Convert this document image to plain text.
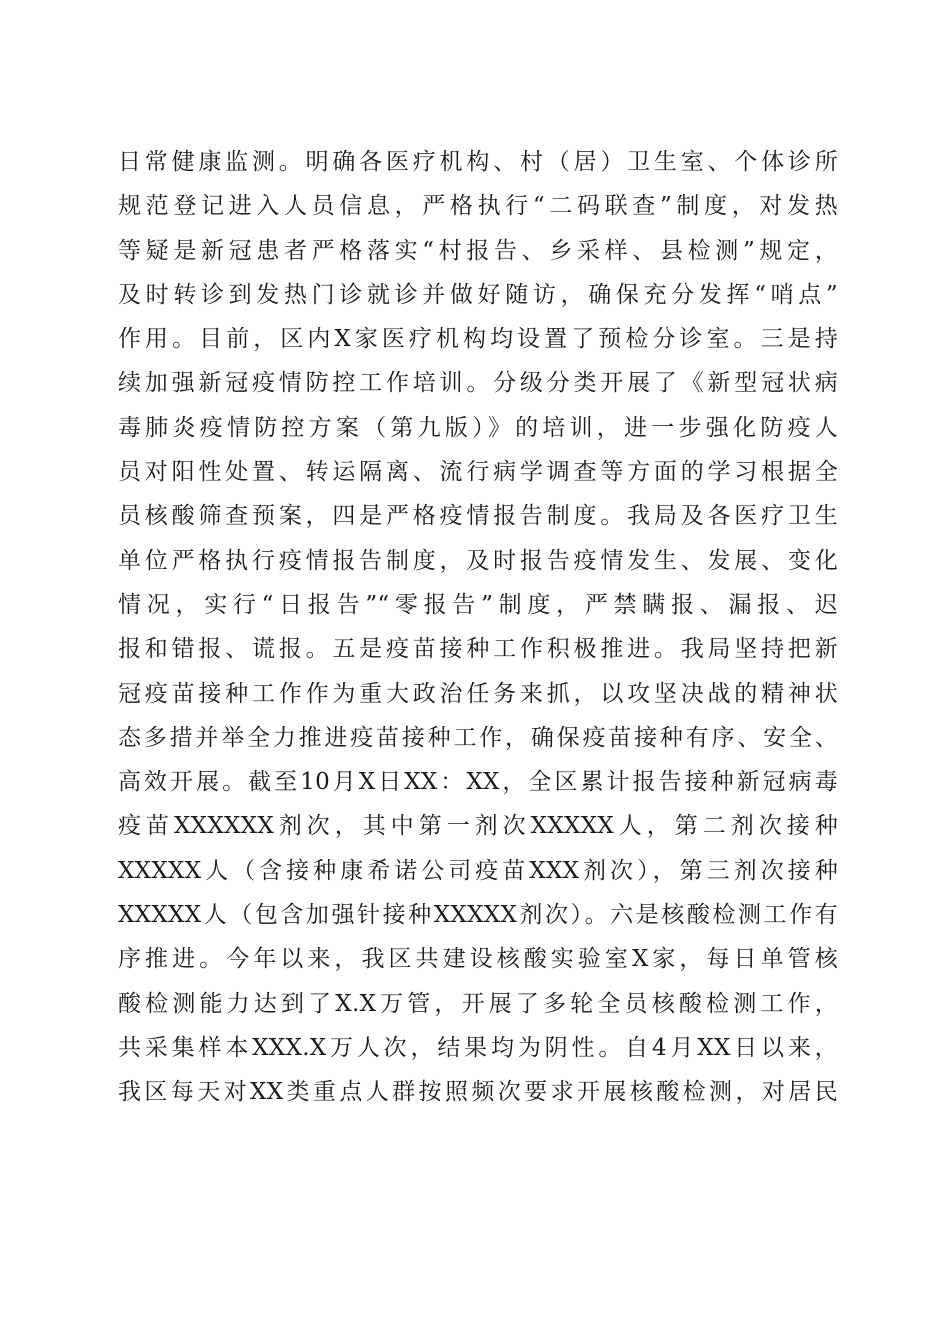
日常健康监测。明确各医疗机构、村（居）卫生室、个体诊所
规范登记进入人员信息，严格执行“二码联查”制度，对发热
等疑是新冠患者严格落实“村报告、乡采样、县检测”规定，
及时转诊到发热门诊就诊并做好随访，确保充分发挥“哨点”
作用。目前，区内X家医疗机构均设置了预检分诊室。三是持
续加强新冠疫情防控工作培训。分级分类开展了《新型冠状病
毒肺炎疫情防控方案（第九版）》的培训，进一步强化防疫人
员对阳性处置、转运隔离、流行病学调查等方面的学习根据全
员核酸筛查预案，四是严格疫情报告制度。我局及各医疗卫生
单位严格执行疫情报告制度，及时报告疫情发生、发展、变化
情况，实行“日报告”“零报告”制度，严禁瞒报、漏报、迟
报和错报、谎报。五是疫苗接种工作积极推进。我局坚持把新
冠疫苗接种工作作为重大政治任务来抓，以攻坚决战的精神状
态多措并举全力推进疫苗接种工作，确保疫苗接种有序、安全、
高效开展。截至10月X日XX：XX，全区累计报告接种新冠病毒
疫苗XXXXXX剂次，其中第一剂次XXXXX人，第二剂次接种
XXXXX人（含接种康希诺公司疫苗XXX剂次），第三剂次接种
XXXXX人（包含加强针接种XXXXX剂次）。六是核酸检测工作有
序推进。今年以来，我区共建设核酸实验室X家，每日单管核
酸检测能力达到了X.X万管，开展了多轮全员核酸检测工作，
共采集样本XXX.X万人次，结果均为阴性。自4月XX日以来，
我区每天对XX类重点人群按照频次要求开展核酸检测，对居民
